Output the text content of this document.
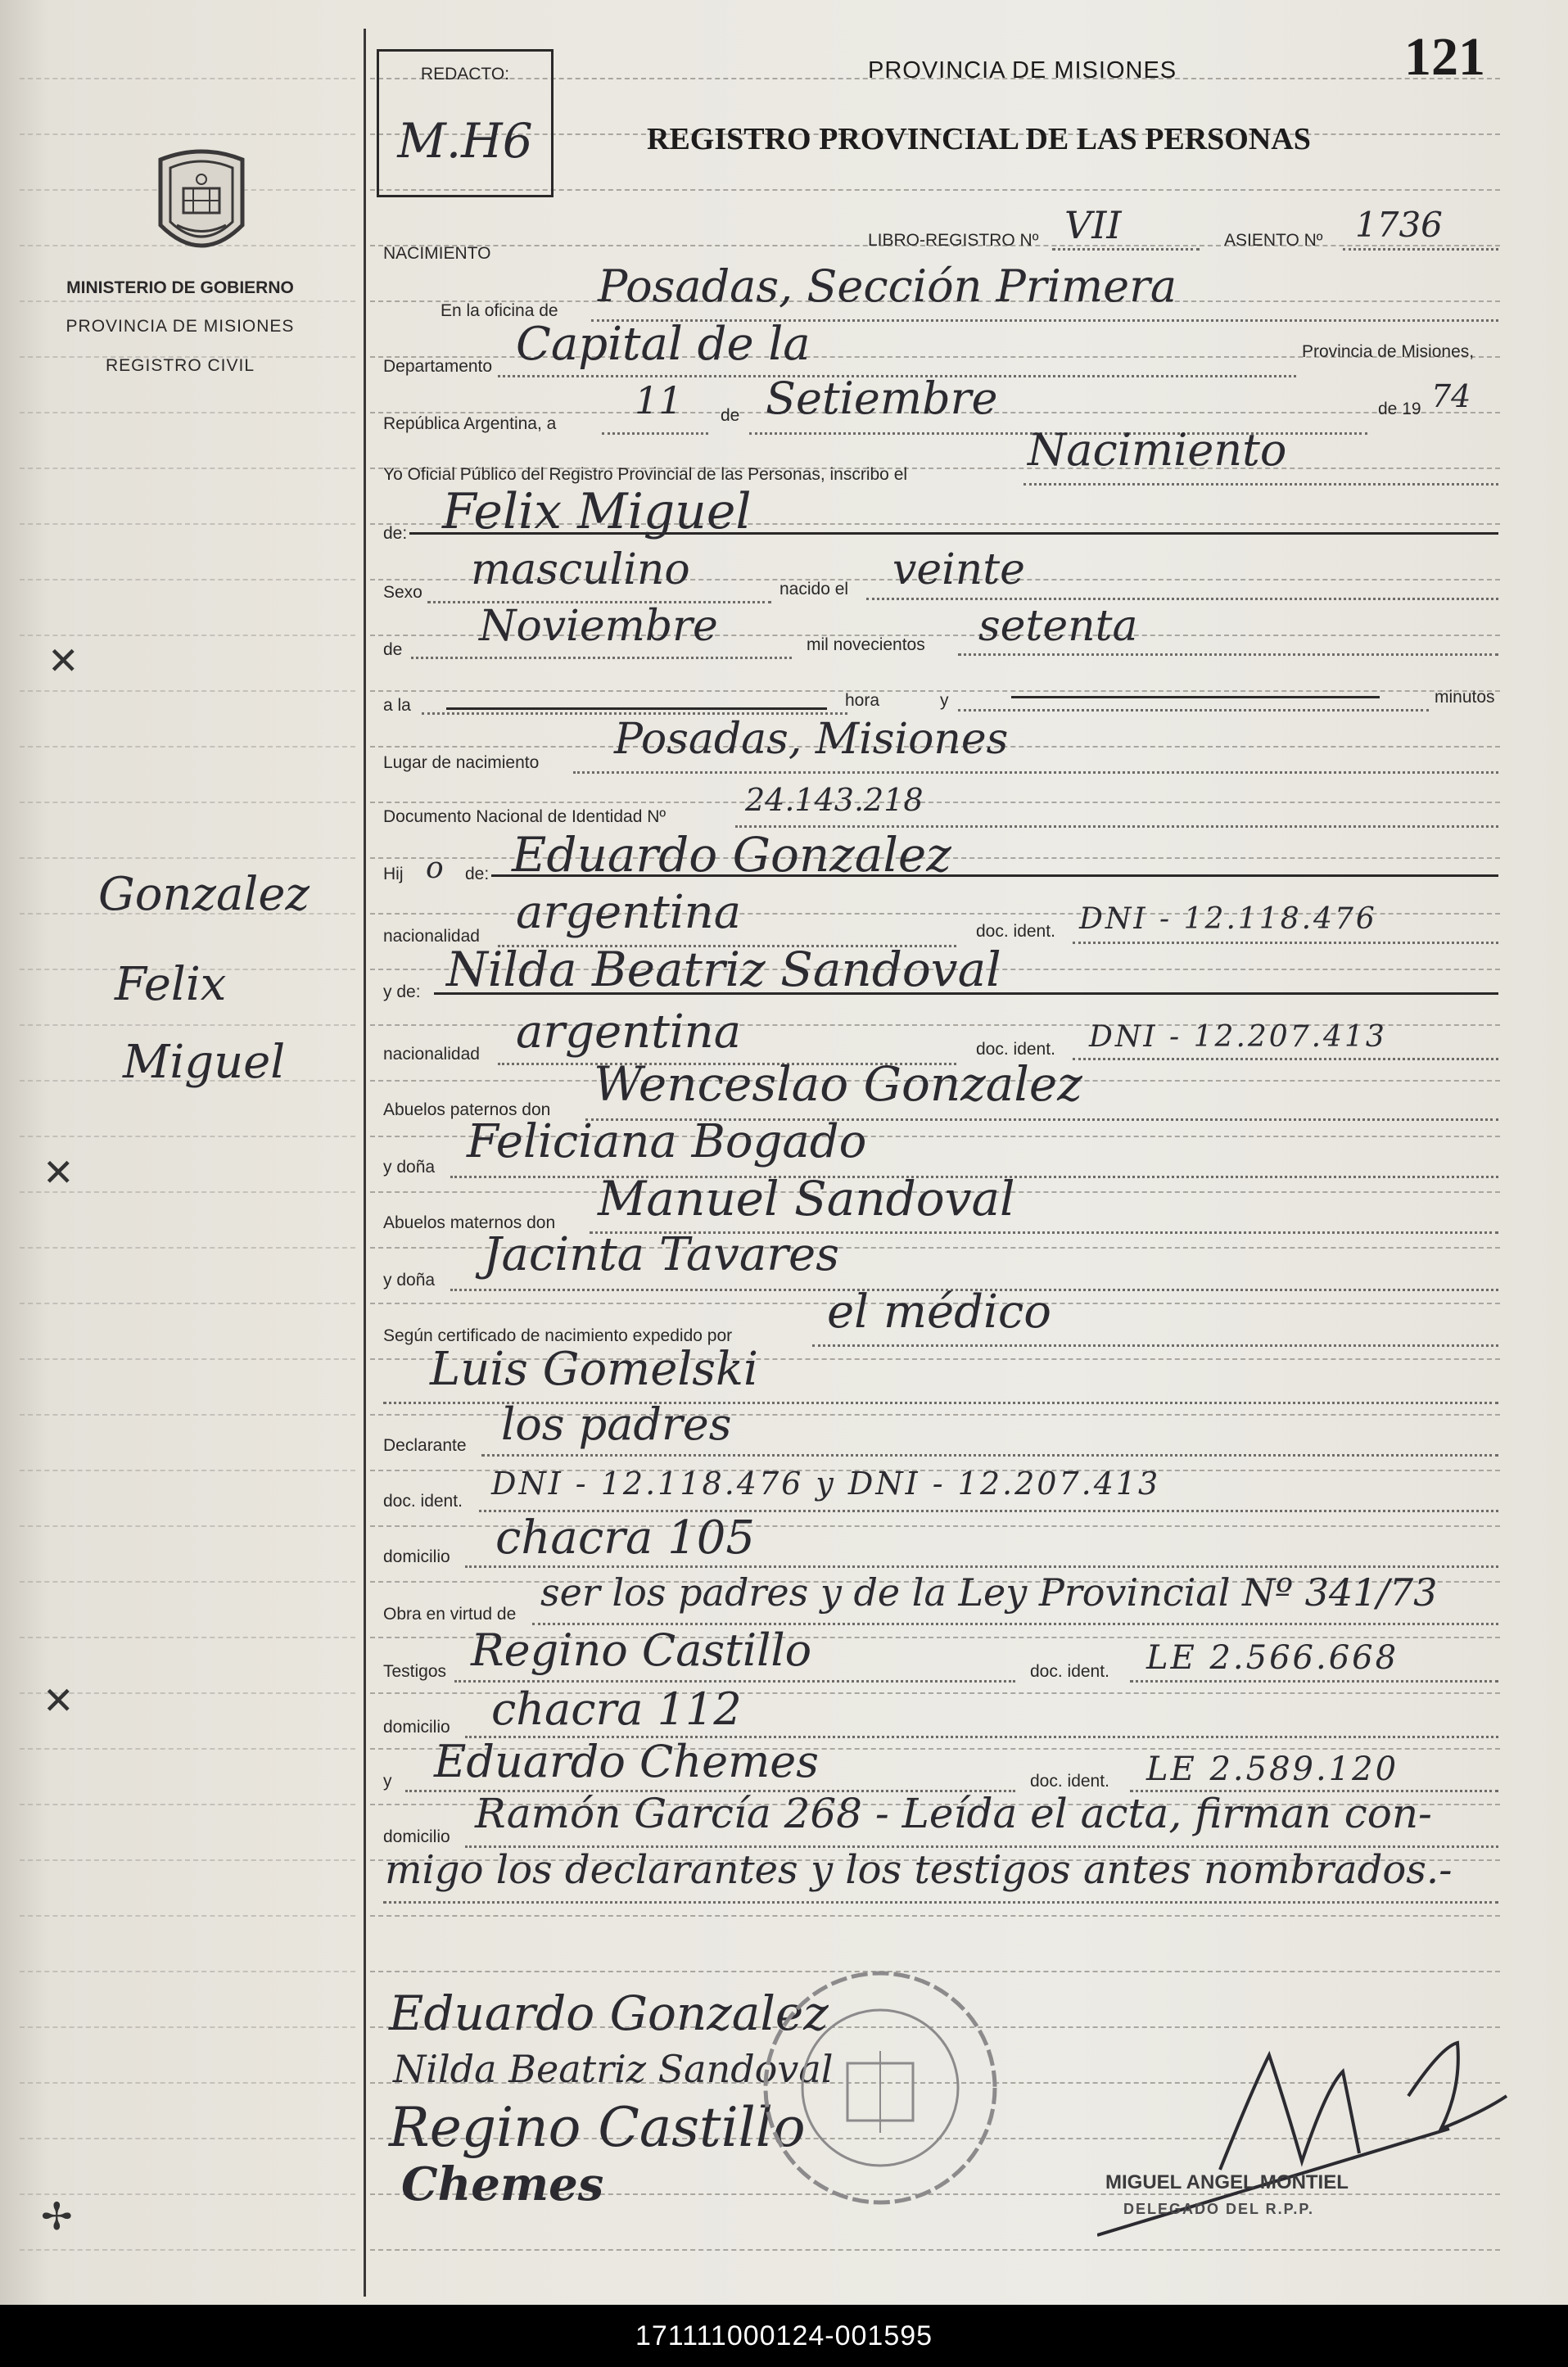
✕
✕
✕
✢
MINISTERIO DE GOBIERNO
PROVINCIA DE MISIONES
REGISTRO CIVIL
Gonzalez
Felix
Miguel
REDACTO:
M.H6
PROVINCIA DE MISIONES
REGISTRO PROVINCIAL DE LAS PERSONAS
121
NACIMIENTO
LIBRO-REGISTRO Nº VII	ASIENTO Nº 1736
En la oficina de Posadas, Sección Primera
Departamento Capital de la	Provincia de Misiones,
República Argentina, a
11 de Setiembre	de 19 74
Yo Oficial Público del Registro Provincial de las Personas, inscribo el	Nacimiento
de: Felix Miguel
Sexo masculino	nacido el veinte
de Noviembre	mil novecientos setenta
a la	hora	y	minutos
Lugar de nacimiento Posadas, Misiones
Documento Nacional de Identidad Nº	24.143.218
Hij o de: Eduardo Gonzalez
nacionalidad argentina	doc. ident. DNI - 12.118.476
y de: Nilda Beatriz Sandoval
nacionalidad argentina	doc. ident. DNI - 12.207.413
Abuelos paternos don Wenceslao Gonzalez
y doña Feliciana Bogado
Abuelos maternos don Manuel Sandoval
y doña Jacinta Tavares
Según certificado de nacimiento expedido por el médico
Luis Gomelski
Declarante los padres
doc. ident. DNI - 12.118.476 y DNI - 12.207.413
domicilio chacra 105
Obra en virtud de ser los padres y de la Ley Provincial Nº 341/73
Testigos Regino Castillo	doc. ident. LE 2.566.668
domicilio chacra 112
y Eduardo Chemes	doc. ident. LE 2.589.120
domicilio Ramón García 268 - Leída el acta, firman con-
migo los declarantes y los testigos antes nombrados.-
Eduardo Gonzalez
Nilda Beatriz Sandoval
Regino Castillo
Chemes	MIGUEL ANGEL MONTIEL
DELEGADO DEL R.P.P.
171111000124-001595
